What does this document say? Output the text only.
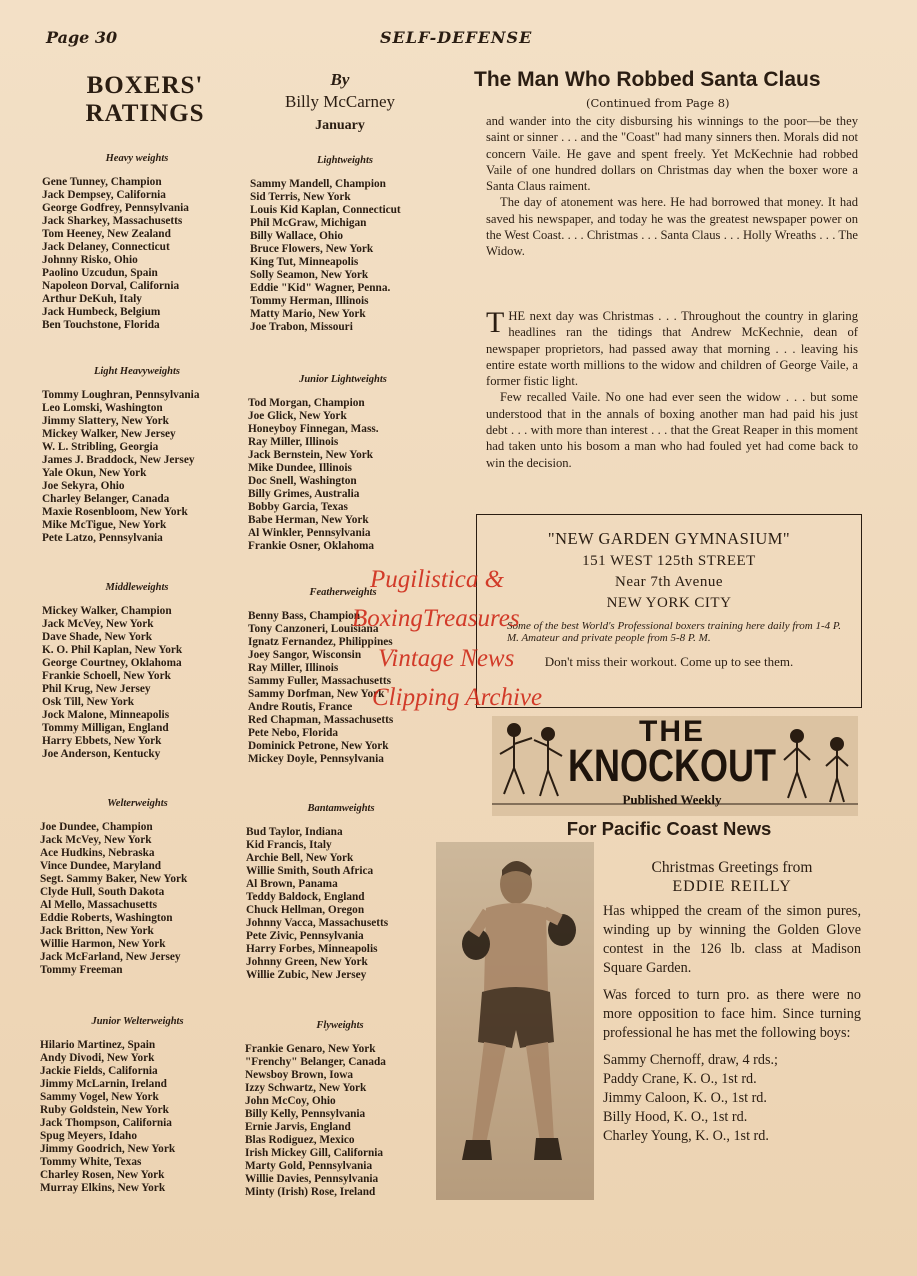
Page 30	SELF-DEFENSE
BOXERS'
RATINGS
By
Billy McCarney
January
Heavy weights
Gene Tunney, Champion
Jack Dempsey, California
George Godfrey, Pennsylvania
Jack Sharkey, Massachusetts
Tom Heeney, New Zealand
Jack Delaney, Connecticut
Johnny Risko, Ohio
Paolino Uzcudun, Spain
Napoleon Dorval, California
Arthur DeKuh, Italy
Jack Humbeck, Belgium
Ben Touchstone, Florida
Light Heavyweights
Tommy Loughran, Pennsylvania
Leo Lomski, Washington
Jimmy Slattery, New York
Mickey Walker, New Jersey
W. L. Stribling, Georgia
James J. Braddock, New Jersey
Yale Okun, New York
Joe Sekyra, Ohio
Charley Belanger, Canada
Maxie Rosenbloom, New York
Mike McTigue, New York
Pete Latzo, Pennsylvania
Middleweights
Mickey Walker, Champion
Jack McVey, New York
Dave Shade, New York
K. O. Phil Kaplan, New York
George Courtney, Oklahoma
Frankie Schoell, New York
Phil Krug, New Jersey
Osk Till, New York
Jock Malone, Minneapolis
Tommy Milligan, England
Harry Ebbets, New York
Joe Anderson, Kentucky
Welterweights
Joe Dundee, Champion
Jack McVey, New York
Ace Hudkins, Nebraska
Vince Dundee, Maryland
Segt. Sammy Baker, New York
Clyde Hull, South Dakota
Al Mello, Massachusetts
Eddie Roberts, Washington
Jack Britton, New York
Willie Harmon, New York
Jack McFarland, New Jersey
Tommy Freeman
Junior Welterweights
Hilario Martinez, Spain
Andy Divodi, New York
Jackie Fields, California
Jimmy McLarnin, Ireland
Sammy Vogel, New York
Ruby Goldstein, New York
Jack Thompson, California
Spug Meyers, Idaho
Jimmy Goodrich, New York
Tommy White, Texas
Charley Rosen, New York
Murray Elkins, New York
Lightweights
Sammy Mandell, Champion
Sid Terris, New York
Louis Kid Kaplan, Connecticut
Phil McGraw, Michigan
Billy Wallace, Ohio
Bruce Flowers, New York
King Tut, Minneapolis
Solly Seamon, New York
Eddie "Kid" Wagner, Penna.
Tommy Herman, Illinois
Matty Mario, New York
Joe Trabon, Missouri
Junior Lightweights
Tod Morgan, Champion
Joe Glick, New York
Honeyboy Finnegan, Mass.
Ray Miller, Illinois
Jack Bernstein, New York
Mike Dundee, Illinois
Doc Snell, Washington
Billy Grimes, Australia
Bobby Garcia, Texas
Babe Herman, New York
Al Winkler, Pennsylvania
Frankie Osner, Oklahoma
Featherweights
Benny Bass, Champion
Tony Canzoneri, Louisiana
Ignatz Fernandez, Philippines
Joey Sangor, Wisconsin
Ray Miller, Illinois
Sammy Fuller, Massachusetts
Sammy Dorfman, New York
Andre Routis, France
Red Chapman, Massachusetts
Pete Nebo, Florida
Dominick Petrone, New York
Mickey Doyle, Pennsylvania
Bantamweights
Bud Taylor, Indiana
Kid Francis, Italy
Archie Bell, New York
Willie Smith, South Africa
Al Brown, Panama
Teddy Baldock, England
Chuck Hellman, Oregon
Johnny Vacca, Massachusetts
Pete Zivic, Pennsylvania
Harry Forbes, Minneapolis
Johnny Green, New York
Willie Zubic, New Jersey
Flyweights
Frankie Genaro, New York
"Frenchy" Belanger, Canada
Newsboy Brown, Iowa
Izzy Schwartz, New York
John McCoy, Ohio
Billy Kelly, Pennsylvania
Ernie Jarvis, England
Blas Rodiguez, Mexico
Irish Mickey Gill, California
Marty Gold, Pennsylvania
Willie Davies, Pennsylvania
Minty (Irish) Rose, Ireland
The Man Who Robbed Santa Claus
(Continued from Page 8)

and wander into the city disbursing his winnings to the poor—be they saint or sinner . . . and the "Coast" had many sinners then. Morals did not concern Vaile. He gave and spent freely. Yet McKechnie had robbed Vaile of one hundred dollars on Christmas day when the boxer wore a Santa Claus raiment.

The day of atonement was here. He had borrowed that money. It had saved his newspaper, and today he was the greatest newspaper power on the West Coast. . . . Christmas . . . Santa Claus . . . Holly Wreaths . . . The Widow.

THE next day was Christmas . . . Throughout the country in glaring headlines ran the tidings that Andrew McKechnie, dean of newspaper proprietors, had passed away that morning . . . leaving his entire estate worth millions to the widow and children of George Vaile, a former fistic light.

Few recalled Vaile. No one had ever seen the widow . . . but some understood that in the annals of boxing another man had paid his just debt . . . with more than interest . . . that the Great Reaper in this moment had taken unto his bosom a man who had fouled yet had come back to win the decision.

"NEW GARDEN GYMNASIUM"
151 WEST 125th STREET
Near 7th Avenue
NEW YORK CITY
Some of the best World's Professional boxers training here daily from 1-4 P. M. Amateur and private people from 5-8 P. M.
Don't miss their workout. Come up to see them.
THE
KNOCKOUT
Published Weekly
For Pacific Coast News
Christmas Greetings from
EDDIE REILLY
Has whipped the cream of the simon pures, winding up by winning the Golden Glove contest in the 126 lb. class at Madison Square Garden.
Was forced to turn pro. as there were no more opposition to face him. Since turning professional he has met the following boys:
Sammy Chernoff, draw, 4 rds.;
Paddy Crane, K. O., 1st rd.
Jimmy Caloon, K. O., 1st rd.
Billy Hood, K. O., 1st rd.
Charley Young, K. O., 1st rd.
Pugilistica &
BoxingTreasures
Vintage News
Clipping Archive
